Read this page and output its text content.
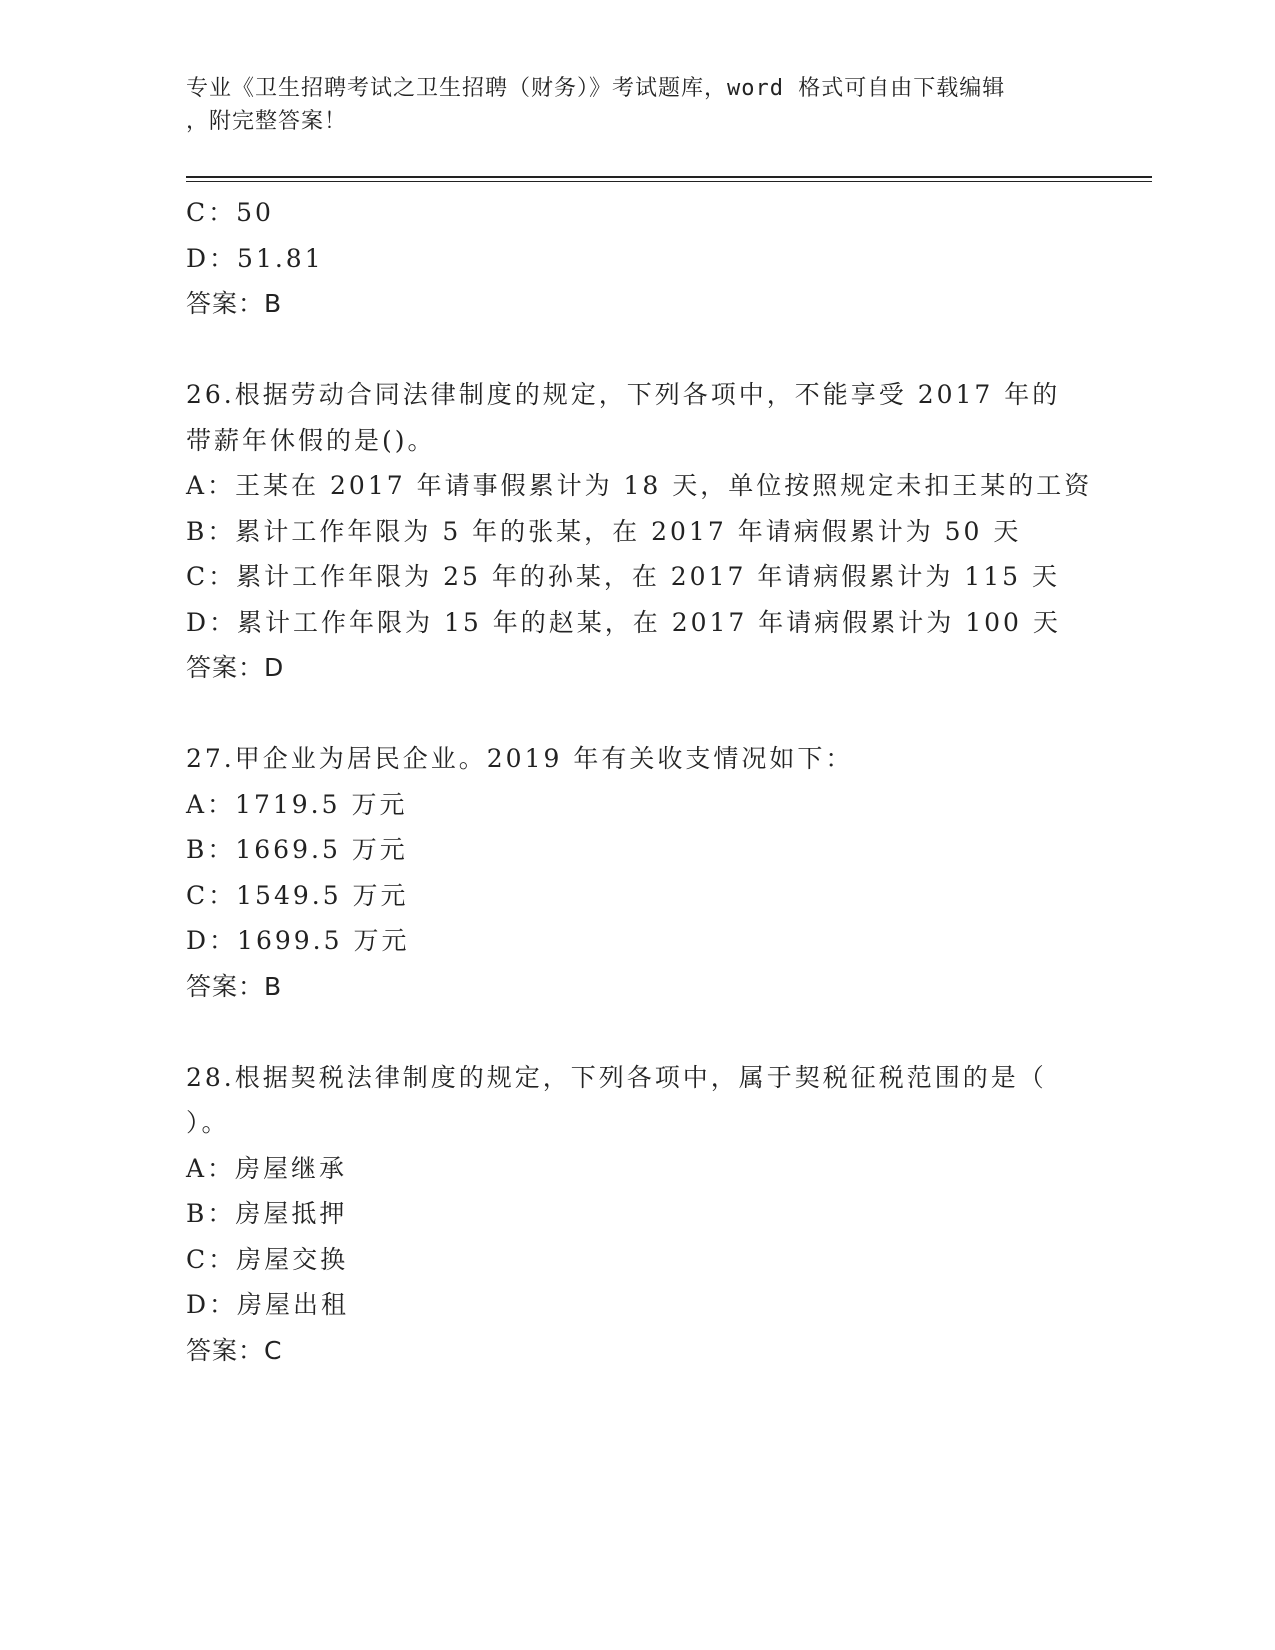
专业《卫生招聘考试之卫生招聘（财务）》考试题库，word 格式可自由下载编辑
，附完整答案！
C：50
D：51.81
答案：B
26.根据劳动合同法律制度的规定，下列各项中，不能享受 2017 年的
带薪年休假的是()。
A：王某在 2017 年请事假累计为 18 天，单位按照规定未扣王某的工资
B：累计工作年限为 5 年的张某，在 2017 年请病假累计为 50 天
C：累计工作年限为 25 年的孙某，在 2017 年请病假累计为 115 天
D：累计工作年限为 15 年的赵某，在 2017 年请病假累计为 100 天
答案：D
27.甲企业为居民企业。2019 年有关收支情况如下：
A：1719.5 万元
B：1669.5 万元
C：1549.5 万元
D：1699.5 万元
答案：B
28.根据契税法律制度的规定，下列各项中，属于契税征税范围的是（
）。
A：房屋继承
B：房屋抵押
C：房屋交换
D：房屋出租
答案：C
